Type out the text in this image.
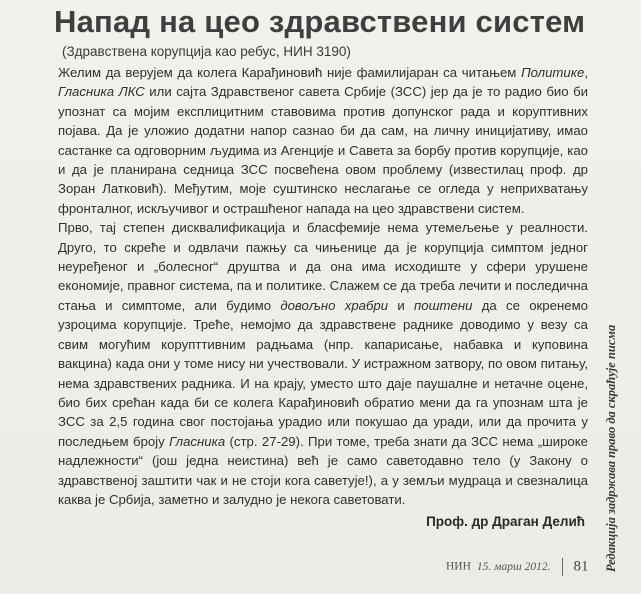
Напад на цео здравствени систем
(Здравствена корупција као ребус, НИН 3190)

Желим да верујем да колега Карађиновић није фамилијаран са читањем Политике, Гласника ЛКС или сајта Здравственог савета Србије (ЗСС) јер да је то радио био би упознат са мојим експлицитним ставовима против допунског рада и коруптивних појава. Да је уложио додатни напор сазнао би да сам, на личну иницијативу, имао састанке са одговорним људима из Агенције и Савета за борбу против корупције, као и да је планирана седница ЗСС посвећена овом проблему (известилац проф. др Зоран Латковић). Међутим, моје суштинско неслагање се огледа у неприхватању фронталног, искључивог и острашћеног напада на цео здравствени систем.

Прво, тај степен дисквалификација и бласфемије нема утемељење у реалности. Друго, то скреће и одвлачи пажњу са чињенице да је корупција симптом једног неуређеног и „болесног“ друштва и да она има исходиште у сфери урушене економије, правног система, па и политике. Слажем се да треба лечити и последична стања и симптоме, али будимо довољно храбри и поштени да се окренемо узроцима корупције. Треће, немојмо да здравствене раднике доводимо у везу са свим могућим корупттивним радњама (нпр. капарисање, набавка и куповина вакцина) када они у томе нису ни учествовали. У истражном затвору, по овом питању, нема здравствених радника. И на крају, уместо што даје паушалне и нетачне оцене, био бих срећан када би се колега Карађиновић обратио мени да га упознам шта је ЗСС за 2,5 година свог постојања урадио или покушао да уради, или да прочита у последњем броју Гласника (стр. 27-29). При томе, треба знати да ЗСС нема „широке надлежности“ (још једна неистина) већ је само саветодавно тело (у Закону о здравственој заштити чак и не стоји кога саветује!), а у земљи мудраца и свезналица каква је Србија, заметно и залудно је некога саветовати.

Проф. др Драган Делић Редакција задржава право да скраћује писма
НИН 15. марш 2012. 81
